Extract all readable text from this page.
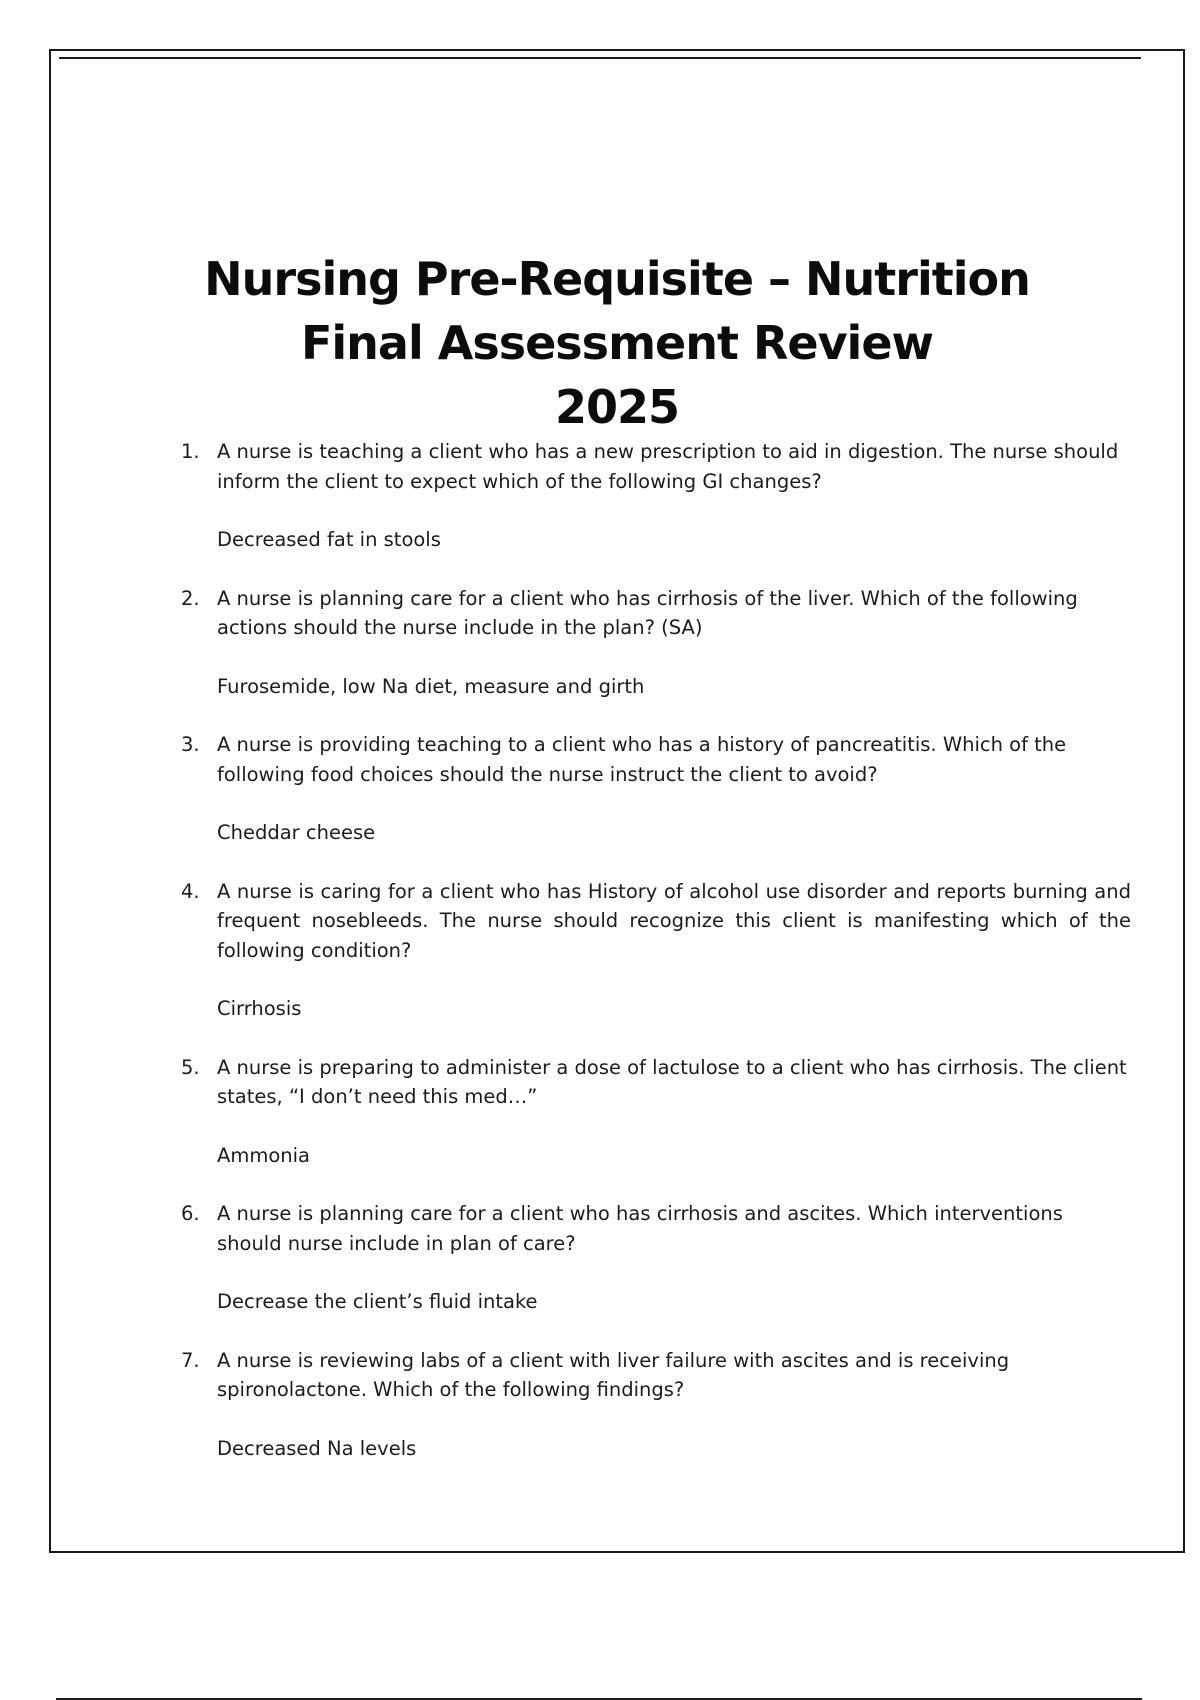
Nursing Pre-Requisite – Nutrition
Final Assessment Review
2025
1. A nurse is teaching a client who has a new prescription to aid in digestion. The nurse should inform the client to expect which of the following GI changes?
Decreased fat in stools
2. A nurse is planning care for a client who has cirrhosis of the liver. Which of the following actions should the nurse include in the plan? (SA)
Furosemide, low Na diet, measure and girth
3. A nurse is providing teaching to a client who has a history of pancreatitis. Which of the following food choices should the nurse instruct the client to avoid?
Cheddar cheese
4. A nurse is caring for a client who has History of alcohol use disorder and reports burning and frequent nosebleeds. The nurse should recognize this client is manifesting which of the following condition?
Cirrhosis
5. A nurse is preparing to administer a dose of lactulose to a client who has cirrhosis. The client states, “I don’t need this med…”
Ammonia
6. A nurse is planning care for a client who has cirrhosis and ascites. Which interventions should nurse include in plan of care?
Decrease the client’s fluid intake
7. A nurse is reviewing labs of a client with liver failure with ascites and is receiving spironolactone. Which of the following findings?
Decreased Na levels
